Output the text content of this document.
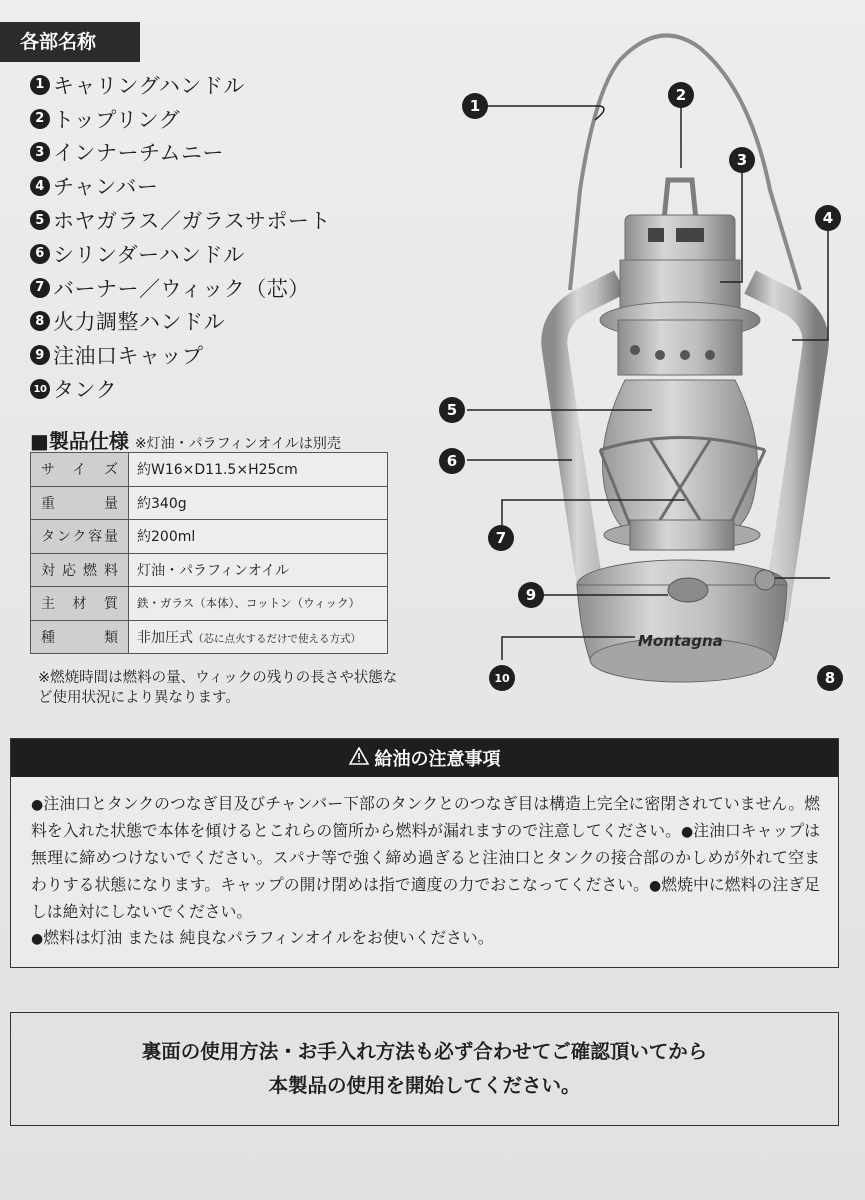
各部名称
1 キャリングハンドル
2 トップリング
3 インナーチムニー
4 チャンバー
5 ホヤガラス／ガラスサポート
6 シリンダーハンドル
7 バーナー／ウィック（芯）
8 火力調整ハンドル
9 注油口キャップ
10 タンク
■製品仕様 ※灯油・パラフィンオイルは別売
サイズ	約W16×D11.5×H25cm
重量	約340g
タンク容量	約200ml
対応燃料	灯油・パラフィンオイル
主材質	鉄・ガラス（本体）、コットン（ウィック）
種類	非加圧式（芯に点火するだけで使える方式）
※燃焼時間は燃料の量、ウィックの残りの長さや状態など使用状況により異なります。
Montagna
1
2
3
4
5
6
7
8
9
10
給油の注意事項
●注油口とタンクのつなぎ目及びチャンバー下部のタンクとのつなぎ目は構造上完全に密閉されていません。燃料を入れた状態で本体を傾けるとこれらの箇所から燃料が漏れますので注意してください。●注油口キャップは無理に締めつけないでください。スパナ等で強く締め過ぎると注油口とタンクの接合部のかしめが外れて空まわりする状態になります。キャップの開け閉めは指で適度の力でおこなってください。●燃焼中に燃料の注ぎ足しは絶対にしないでください。
●燃料は灯油 または 純良なパラフィンオイルをお使いください。
裏面の使用方法・お手入れ方法も必ず合わせてご確認頂いてから
本製品の使用を開始してください。
